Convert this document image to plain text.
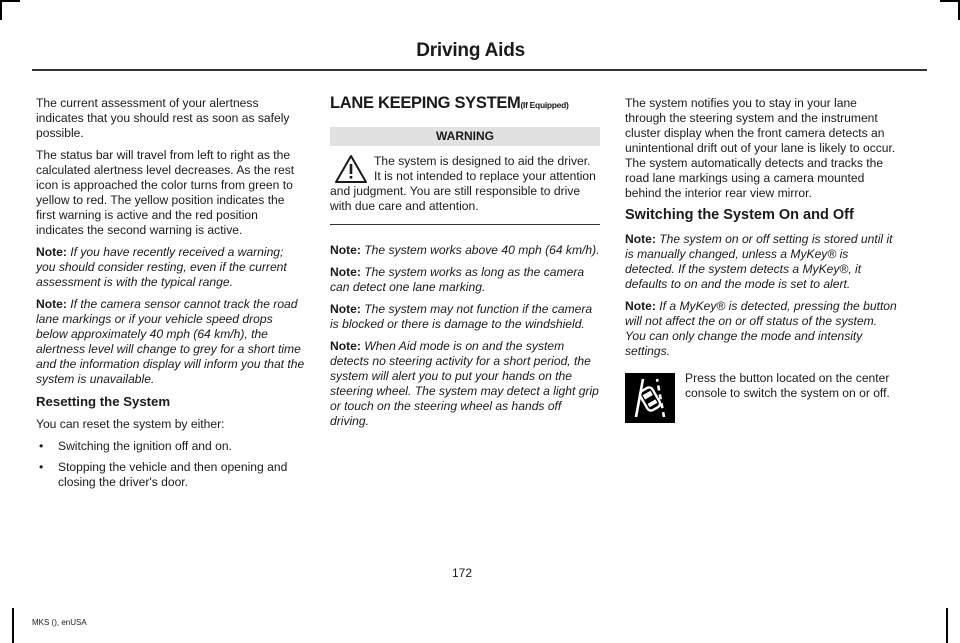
Driving Aids

The current assessment of your alertness indicates that you should rest as soon as safely possible.

The status bar will travel from left to right as the calculated alertness level decreases. As the rest icon is approached the color turns from green to yellow to red. The yellow position indicates the first warning is active and the red position indicates the second warning is active.

Note: If you have recently received a warning; you should consider resting, even if the current assessment is with the typical range.

Note: If the camera sensor cannot track the road lane markings or if your vehicle speed drops below approximately 40 mph (64 km/h), the alertness level will change to grey for a short time and the information display will inform you that the system is unavailable.

Resetting the System

You can reset the system by either:

• Switching the ignition off and on.
• Stopping the vehicle and then opening and closing the driver's door.
LANE KEEPING SYSTEM(If Equipped)
WARNING
The system is designed to aid the driver. It is not intended to replace your attention and judgment. You are still responsible to drive with due care and attention.

Note: The system works above 40 mph (64 km/h).

Note: The system works as long as the camera can detect one lane marking.

Note: The system may not function if the camera is blocked or there is damage to the windshield.

Note: When Aid mode is on and the system detects no steering activity for a short period, the system will alert you to put your hands on the steering wheel. The system may detect a light grip or touch on the steering wheel as hands off driving.

The system notifies you to stay in your lane through the steering system and the instrument cluster display when the front camera detects an unintentional drift out of your lane is likely to occur. The system automatically detects and tracks the road lane markings using a camera mounted behind the interior rear view mirror.

Switching the System On and Off

Note: The system on or off setting is stored until it is manually changed, unless a MyKey® is detected. If the system detects a MyKey®, it defaults to on and the mode is set to alert.

Note: If a MyKey® is detected, pressing the button will not affect the on or off status of the system. You can only change the mode and intensity settings.

Press the button located on the center console to switch the system on or off.
172
MKS (), enUSA
